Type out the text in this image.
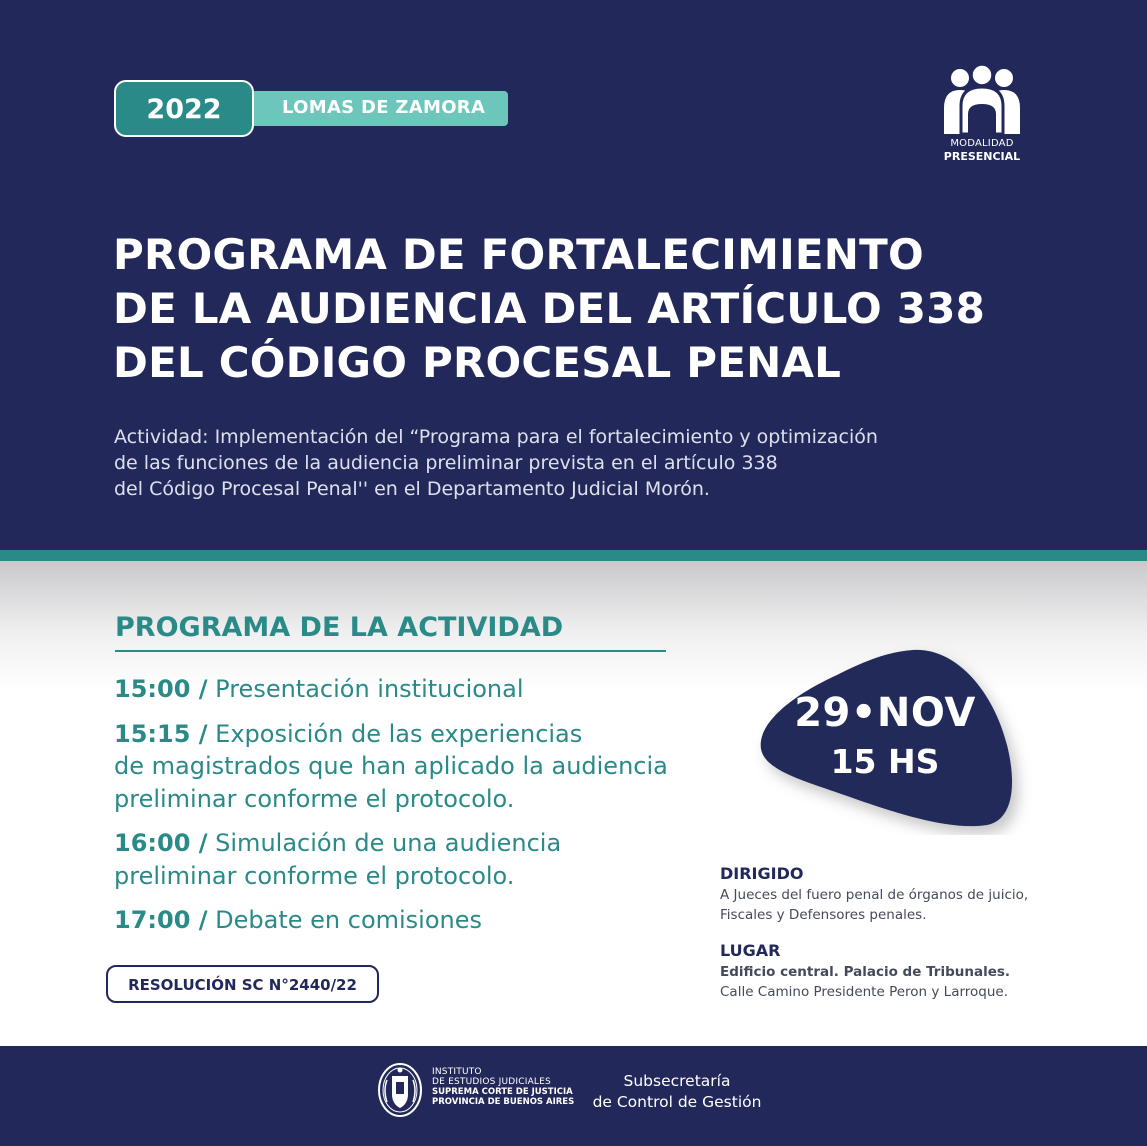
LOMAS DE ZAMORA
2022
MODALIDAD
PRESENCIAL
PROGRAMA DE FORTALECIMIENTO
DE LA AUDIENCIA DEL ARTÍCULO 338
DEL CÓDIGO PROCESAL PENAL
Actividad: Implementación del “Programa para el fortalecimiento y optimización
de las funciones de la audiencia preliminar prevista en el artículo 338
del Código Procesal Penal'' en el Departamento Judicial Morón.
PROGRAMA DE LA ACTIVIDAD
15:00 / Presentación institucional
15:15 / Exposición de las experiencias
de magistrados que han aplicado la audiencia
preliminar conforme el protocolo.
16:00 / Simulación de una audiencia
preliminar conforme el protocolo.
17:00 / Debate en comisiones
RESOLUCIÓN SC N°2440/22
29•NOV
15 HS
DIRIGIDO
A Jueces del fuero penal de órganos de juicio,
Fiscales y Defensores penales.
LUGAR
Edificio central. Palacio de Tribunales.
Calle Camino Presidente Peron y Larroque.
INSTITUTO
DE ESTUDIOS JUDICIALES
SUPREMA CORTE DE JUSTICIA
PROVINCIA DE BUENOS AIRES
Subsecretaría
de Control de Gestión
